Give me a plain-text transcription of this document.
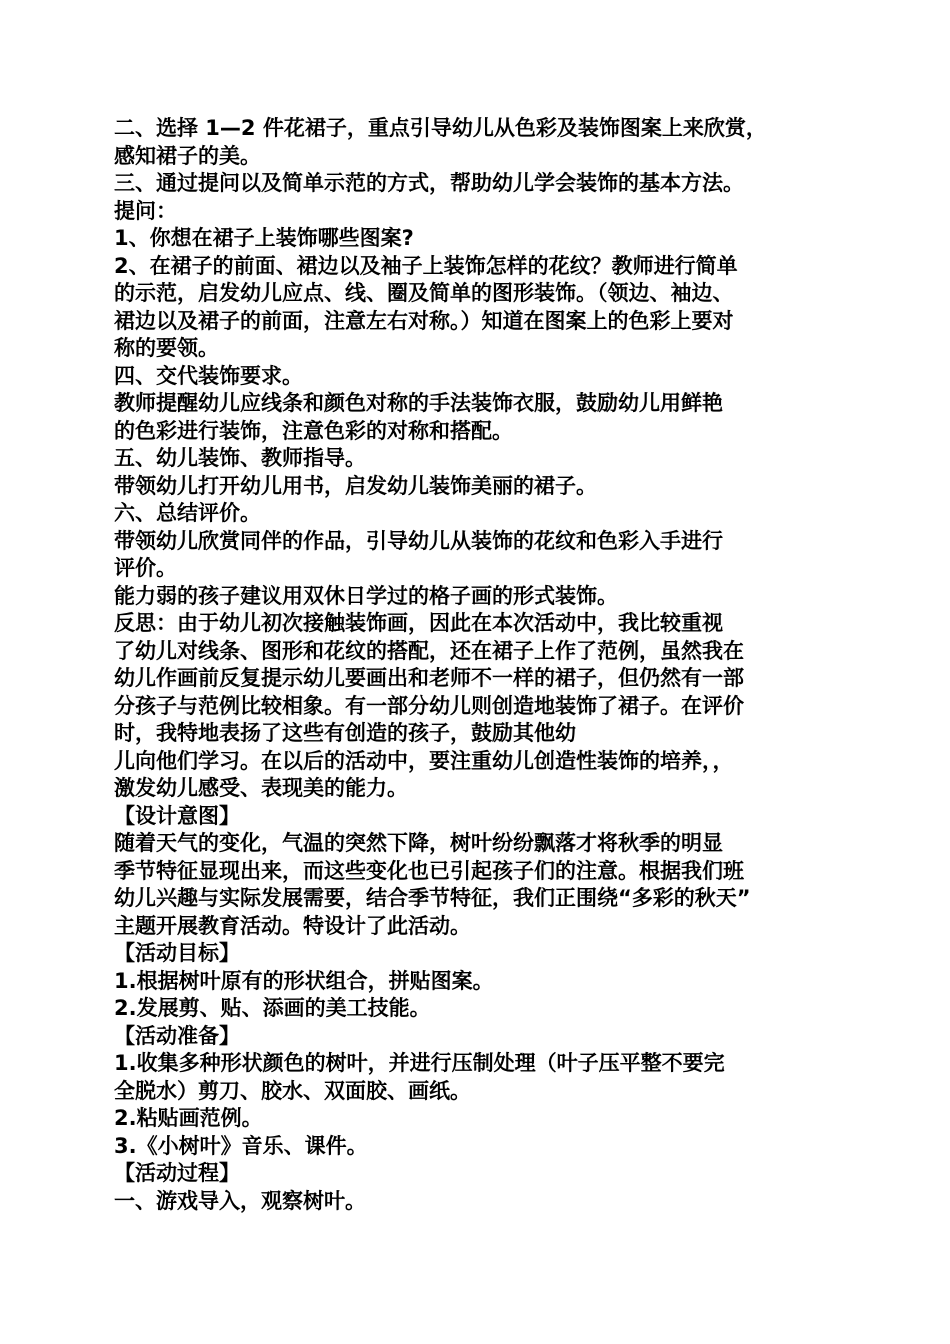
二、选择 1—2 件花裙子，重点引导幼儿从色彩及装饰图案上来欣赏，
感知裙子的美。
三、通过提问以及简单示范的方式，帮助幼儿学会装饰的基本方法。
提问：
1、你想在裙子上装饰哪些图案?
2、在裙子的前面、裙边以及袖子上装饰怎样的花纹？教师进行简单
的示范，启发幼儿应点、线、圈及简单的图形装饰。（领边、袖边、
裙边以及裙子的前面，注意左右对称。）知道在图案上的色彩上要对
称的要领。
四、交代装饰要求。
教师提醒幼儿应线条和颜色对称的手法装饰衣服，鼓励幼儿用鲜艳
的色彩进行装饰，注意色彩的对称和搭配。
五、幼儿装饰、教师指导。
带领幼儿打开幼儿用书，启发幼儿装饰美丽的裙子。
六、总结评价。
带领幼儿欣赏同伴的作品，引导幼儿从装饰的花纹和色彩入手进行
评价。
能力弱的孩子建议用双休日学过的格子画的形式装饰。
反思：由于幼儿初次接触装饰画，因此在本次活动中，我比较重视
了幼儿对线条、图形和花纹的搭配，还在裙子上作了范例，虽然我在
幼儿作画前反复提示幼儿要画出和老师不一样的裙子，但仍然有一部
分孩子与范例比较相象。有一部分幼儿则创造地装饰了裙子。在评价
时，我特地表扬了这些有创造的孩子，鼓励其他幼
儿向他们学习。在以后的活动中，要注重幼儿创造性装饰的培养，，
激发幼儿感受、表现美的能力。
【设计意图】
随着天气的变化，气温的突然下降，树叶纷纷飘落才将秋季的明显
季节特征显现出来，而这些变化也已引起孩子们的注意。根据我们班
幼儿兴趣与实际发展需要，结合季节特征，我们正围绕“多彩的秋天”
主题开展教育活动。特设计了此活动。
【活动目标】
1.根据树叶原有的形状组合，拼贴图案。
2.发展剪、贴、添画的美工技能。
【活动准备】
1.收集多种形状颜色的树叶，并进行压制处理（叶子压平整不要完
全脱水）剪刀、胶水、双面胶、画纸。
2.粘贴画范例。
3.《小树叶》音乐、课件。
【活动过程】
一、游戏导入，观察树叶。
